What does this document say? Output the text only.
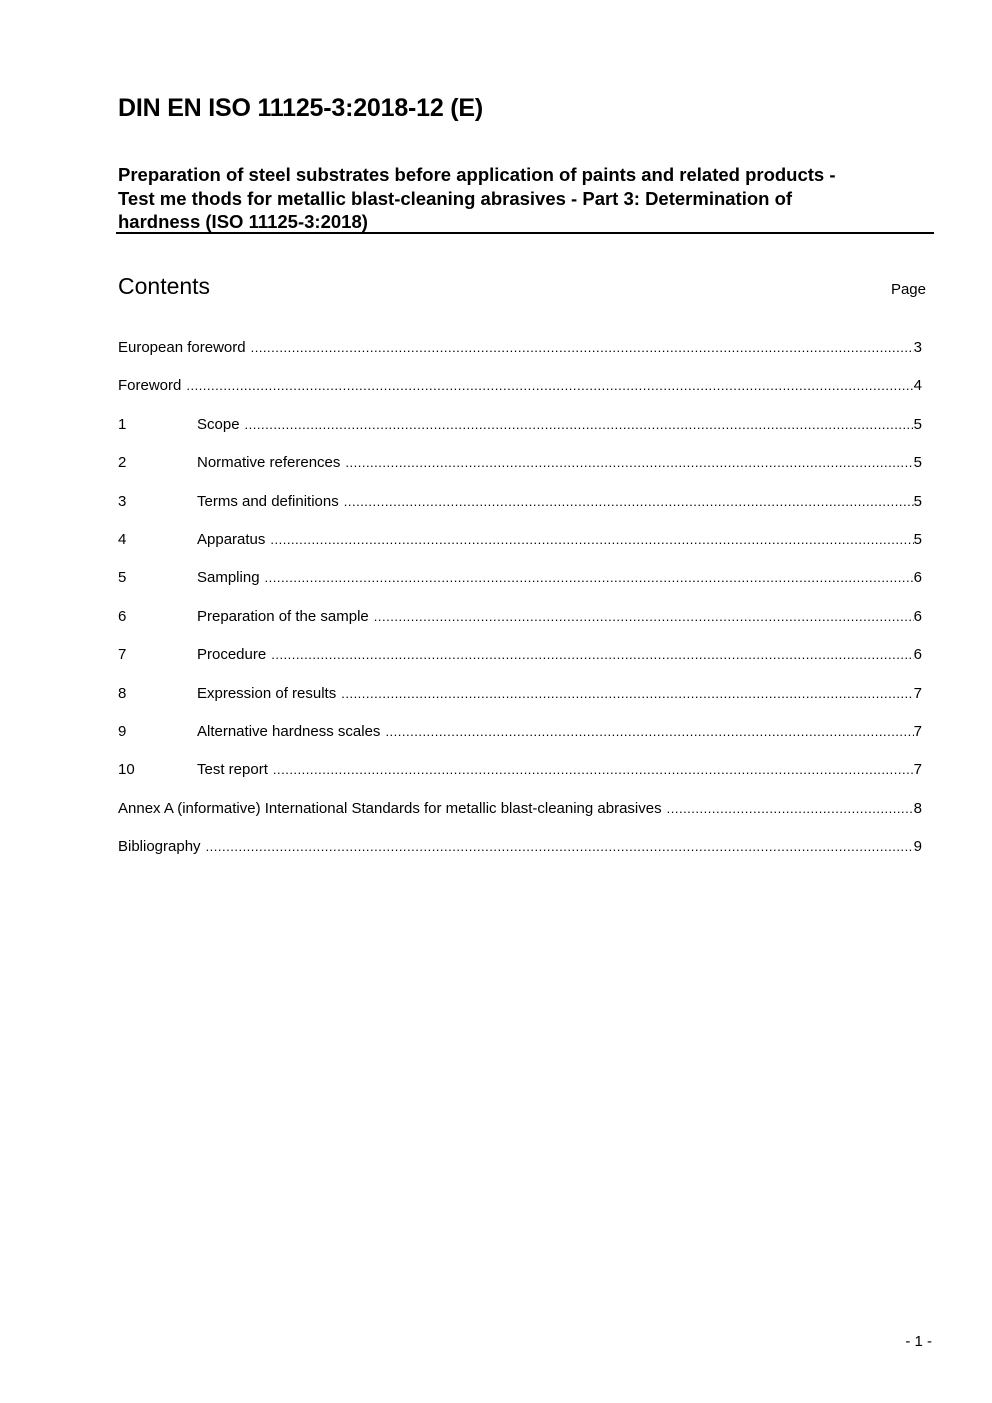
DIN EN ISO 11125-3:2018-12 (E)
Preparation of steel substrates before application of paints and related products -
Test me thods for metallic blast-cleaning abrasives - Part 3: Determination of
hardness (ISO 11125-3:2018)
Contents	Page
European foreword .....	3
Foreword .....	4
1	Scope .....	5
2	Normative references .....	5
3	Terms and definitions .....	5
4	Apparatus .....	5
5	Sampling .....	6
6	Preparation of the sample .....	6
7	Procedure .....	6
8	Expression of results .....	7
9	Alternative hardness scales .....	7
10	Test report .....	7
Annex A (informative) International Standards for metallic blast-cleaning abrasives .....	8
Bibliography .....	9
- 1 -
